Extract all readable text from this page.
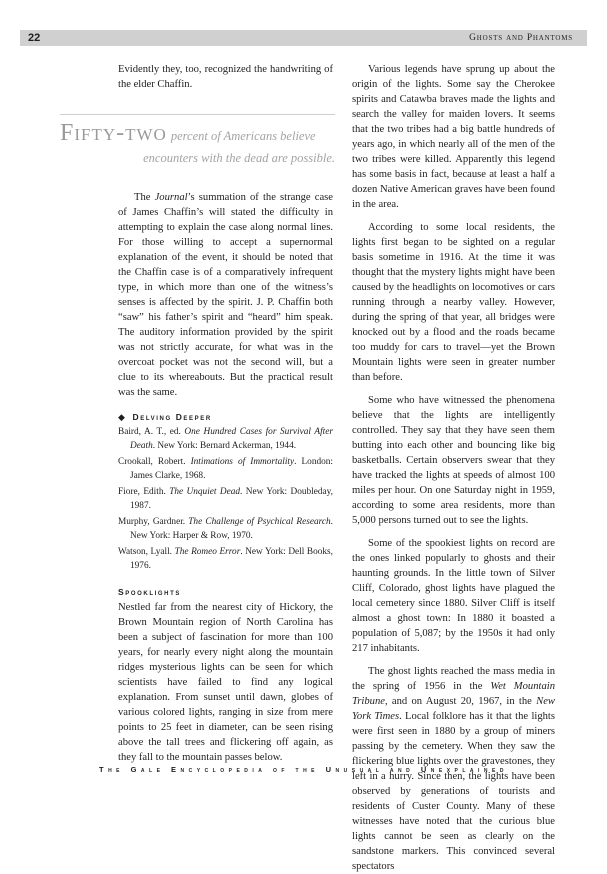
22	Ghosts and Phantoms

Evidently they, too, recognized the handwriting of the elder Chaffin.

The Journal’s summation of the strange case of James Chaffin’s will stated the difficulty in attempting to explain the case along normal lines. For those willing to accept a supernormal explanation of the event, it should be noted that the Chaffin case is of a comparatively infrequent type, in which more than one of the witness’s senses is affected by the spirit. J. P. Chaffin both “saw” his father’s spirit and “heard” him speak. The auditory information provided by the spirit was not strictly accurate, for what was in the overcoat pocket was not the second will, but a clue to its whereabouts. But the practical result was the same.

◆ Delving Deeper

Baird, A. T., ed. One Hundred Cases for Survival After Death. New York: Bernard Ackerman, 1944.

Crookall, Robert. Intimations of Immortality. London: James Clarke, 1968.

Fiore, Edith. The Unquiet Dead. New York: Doubleday, 1987.

Murphy, Gardner. The Challenge of Psychical Research. New York: Harper & Row, 1970.

Watson, Lyall. The Romeo Error. New York: Dell Books, 1976.

Spooklights

Nestled far from the nearest city of Hickory, the Brown Mountain region of North Carolina has been a subject of fascination for more than 100 years, for nearly every night along the mountain ridges mysterious lights can be seen for which scientists have failed to find any logical explanation. From sunset until dawn, globes of various colored lights, ranging in size from mere points to 25 feet in diameter, can be seen rising above the tall trees and flickering off again, as they fall to the mountain passes below.

Fifty-two percent of Americans believe
encounters with the dead are possible.

Various legends have sprung up about the origin of the lights. Some say the Cherokee spirits and Catawba braves made the lights and search the valley for maiden lovers. It seems that the two tribes had a big battle hundreds of years ago, in which nearly all of the men of the two tribes were killed. Apparently this legend has some basis in fact, because at least a half a dozen Native American graves have been found in the area.

According to some local residents, the lights first began to be sighted on a regular basis sometime in 1916. At the time it was thought that the mystery lights might have been caused by the headlights on locomotives or cars running through a nearby valley. However, during the spring of that year, all bridges were knocked out by a flood and the roads became too muddy for cars to travel—yet the Brown Mountain lights were seen in greater number than before.

Some who have witnessed the phenomena believe that the lights are intelligently controlled. They say that they have seen them butting into each other and bouncing like big basketballs. Certain observers swear that they have tracked the lights at speeds of almost 100 miles per hour. On one Saturday night in 1959, according to some area residents, more than 5,000 persons turned out to see the lights.

Some of the spookiest lights on record are the ones linked popularly to ghosts and their haunting grounds. In the little town of Silver Cliff, Colorado, ghost lights have plagued the local cemetery since 1880. Silver Cliff is itself almost a ghost town: In 1880 it boasted a population of 5,087; by the 1950s it had only 217 inhabitants.

The ghost lights reached the mass media in the spring of 1956 in the Wet Mountain Tribune, and on August 20, 1967, in the New York Times. Local folklore has it that the lights were first seen in 1880 by a group of miners passing by the cemetery. When they saw the flickering blue lights over the gravestones, they left in a hurry. Since then, the lights have been observed by generations of tourists and residents of Custer County. Many of these witnesses have noted that the curious blue lights cannot be seen as clearly on the sandstone markers. This convinced several spectators

The Gale Encyclopedia of the Unusual and Unexplained
